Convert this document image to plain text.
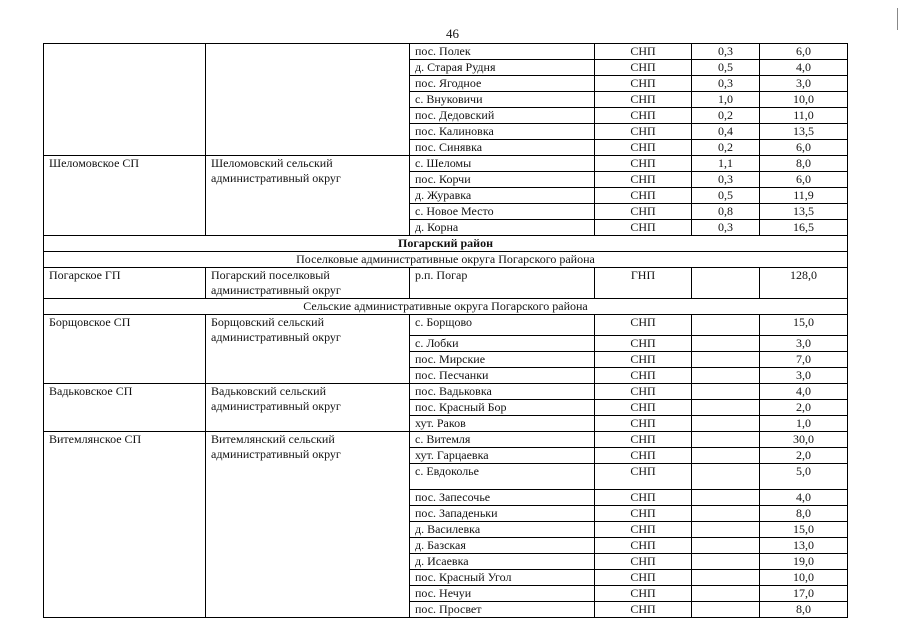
46
		пос. Полек	СНП	0,3	6,0
		д. Старая Рудня	СНП	0,5	4,0
		пос. Ягодное	СНП	0,3	3,0
		с. Внуковичи	СНП	1,0	10,0
		пос. Дедовский	СНП	0,2	11,0
		пос. Калиновка	СНП	0,4	13,5
		пос. Синявка	СНП	0,2	6,0
Шеломовское СП	Шеломовский сельский административный округ	с. Шеломы	СНП	1,1	8,0
		пос. Корчи	СНП	0,3	6,0
		д. Журавка	СНП	0,5	11,9
		с. Новое Место	СНП	0,8	13,5
		д. Корна	СНП	0,3	16,5
Погарский район					
Поселковые административные округа Погарского района					
Погарское ГП	Погарский поселковый административный округ	р.п. Погар	ГНП		128,0
Сельские административные округа Погарского района					
Борщовское СП	Борщовский сельский административный округ	с. Борщово	СНП		15,0
		с. Лобки	СНП		3,0
		пос. Мирские	СНП		7,0
		пос. Песчанки	СНП		3,0
Вадьковское СП	Вадьковский сельский административный округ	пос. Вадьковка	СНП		4,0
		пос. Красный Бор	СНП		2,0
		хут. Раков	СНП		1,0
Витемлянское СП	Витемлянский сельский административный округ	с. Витемля	СНП		30,0
		хут. Гарцаевка	СНП		2,0
		с. Евдоколье	СНП		5,0
		пос. Запесочье	СНП		4,0
		пос. Западеньки	СНП		8,0
		д. Василевка	СНП		15,0
		д. Базская	СНП		13,0
		д. Исаевка	СНП		19,0
		пос. Красный Угол	СНП		10,0
		пос. Нечуи	СНП		17,0
		пос. Просвет	СНП		8,0
